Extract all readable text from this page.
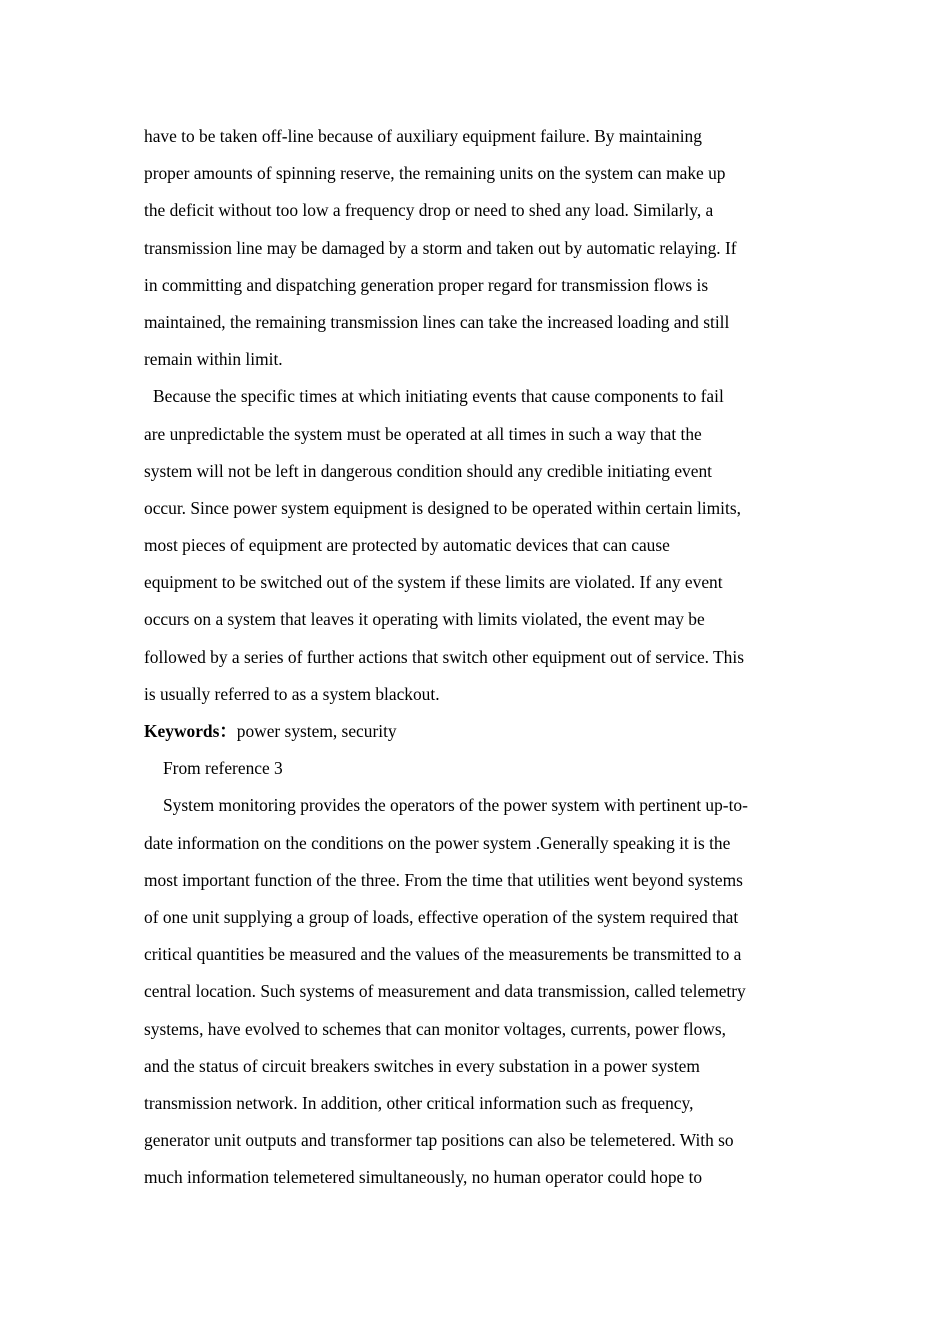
have to be taken off-line because of auxiliary equipment failure. By maintaining
proper amounts of spinning reserve, the remaining units on the system can make up
the deficit without too low a frequency drop or need to shed any load. Similarly, a
transmission line may be damaged by a storm and taken out by automatic relaying. If
in committing and dispatching generation proper regard for transmission flows is
maintained, the remaining transmission lines can take the increased loading and still
remain within limit.
Because the specific times at which initiating events that cause components to fail
are unpredictable the system must be operated at all times in such a way that the
system will not be left in dangerous condition should any credible initiating event
occur. Since power system equipment is designed to be operated within certain limits,
most pieces of equipment are protected by automatic devices that can cause
equipment to be switched out of the system if these limits are violated. If any event
occurs on a system that leaves it operating with limits violated, the event may be
followed by a series of further actions that switch other equipment out of service. This
is usually referred to as a system blackout.
Keywords：power system, security
From reference 3
System monitoring provides the operators of the power system with pertinent up-to-
date information on the conditions on the power system .Generally speaking it is the
most important function of the three. From the time that utilities went beyond systems
of one unit supplying a group of loads, effective operation of the system required that
critical quantities be measured and the values of the measurements be transmitted to a
central location. Such systems of measurement and data transmission, called telemetry
systems, have evolved to schemes that can monitor voltages, currents, power flows,
and the status of circuit breakers switches in every substation in a power system
transmission network. In addition, other critical information such as frequency,
generator unit outputs and transformer tap positions can also be telemetered. With so
much information telemetered simultaneously, no human operator could hope to
